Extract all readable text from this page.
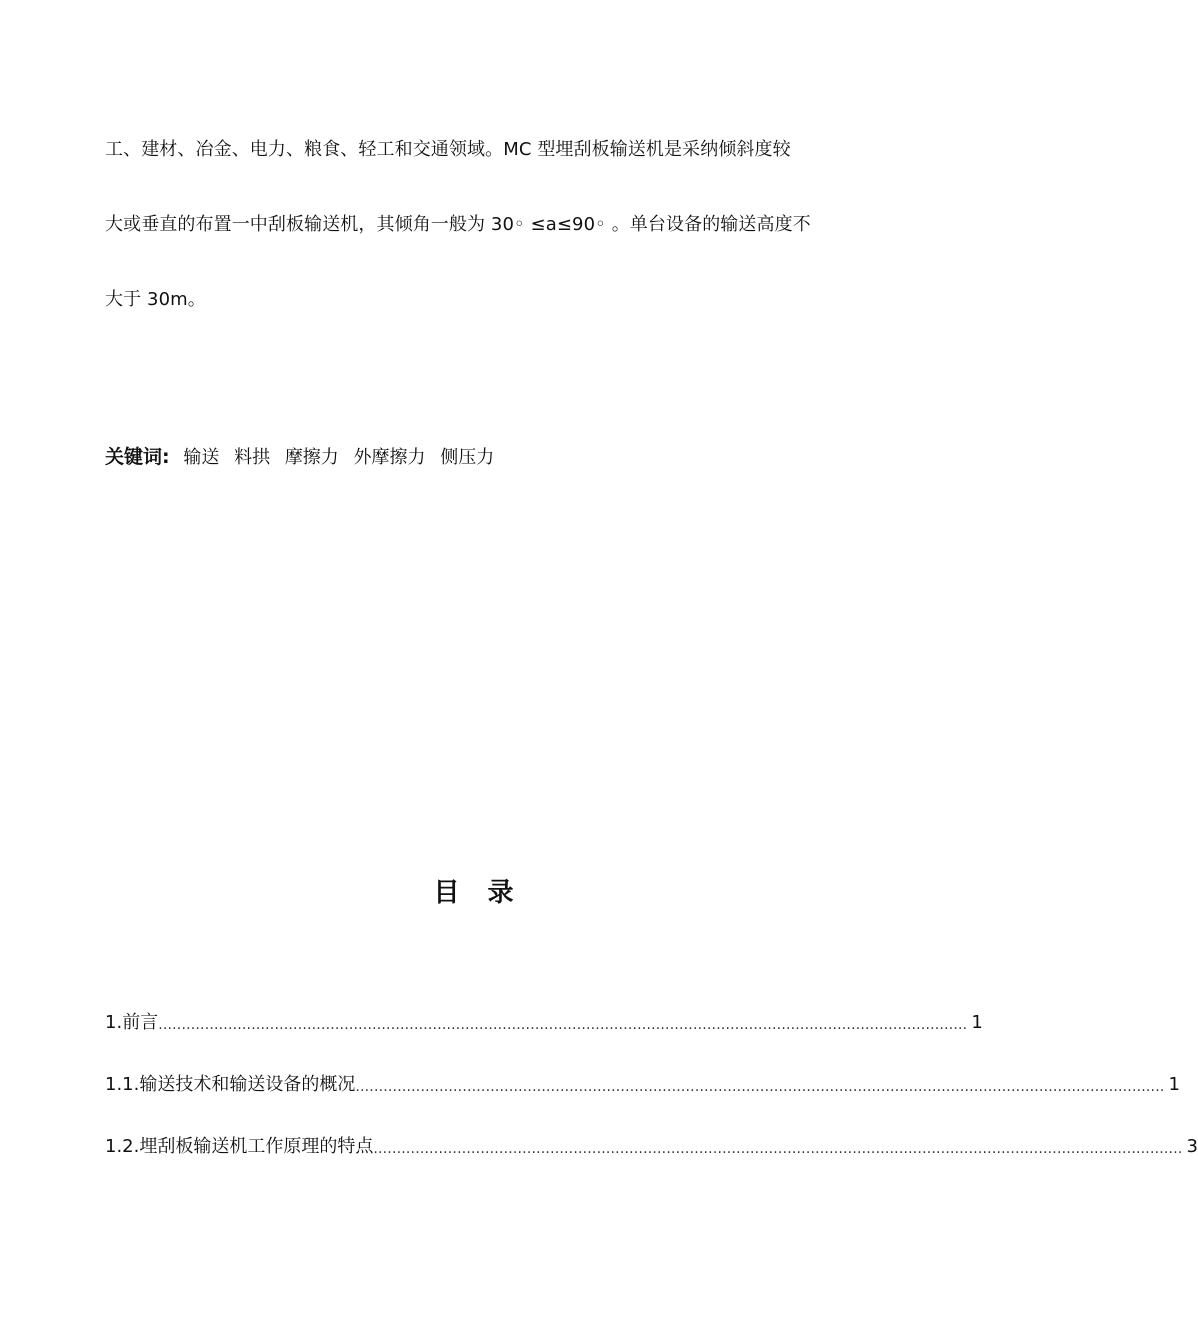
工、建材、冶金、电力、粮食、轻工和交通领域。MC 型埋刮板输送机是采纳倾斜度较
大或垂直的布置一中刮板输送机，其倾角一般为 30◦ ≤a≤90◦ 。单台设备的输送高度不
大于 30m。
关键词: 输送 料拱 摩擦力 外摩擦力 侧压力
目录
1. 前言 .............................................................................................................................................................................. 1
1.1. 输送技术和输送设备的概况 .............................................................................................................................................................................. 1
1.2. 埋刮板输送机工作原理的特点 .............................................................................................................................................................................. 3
